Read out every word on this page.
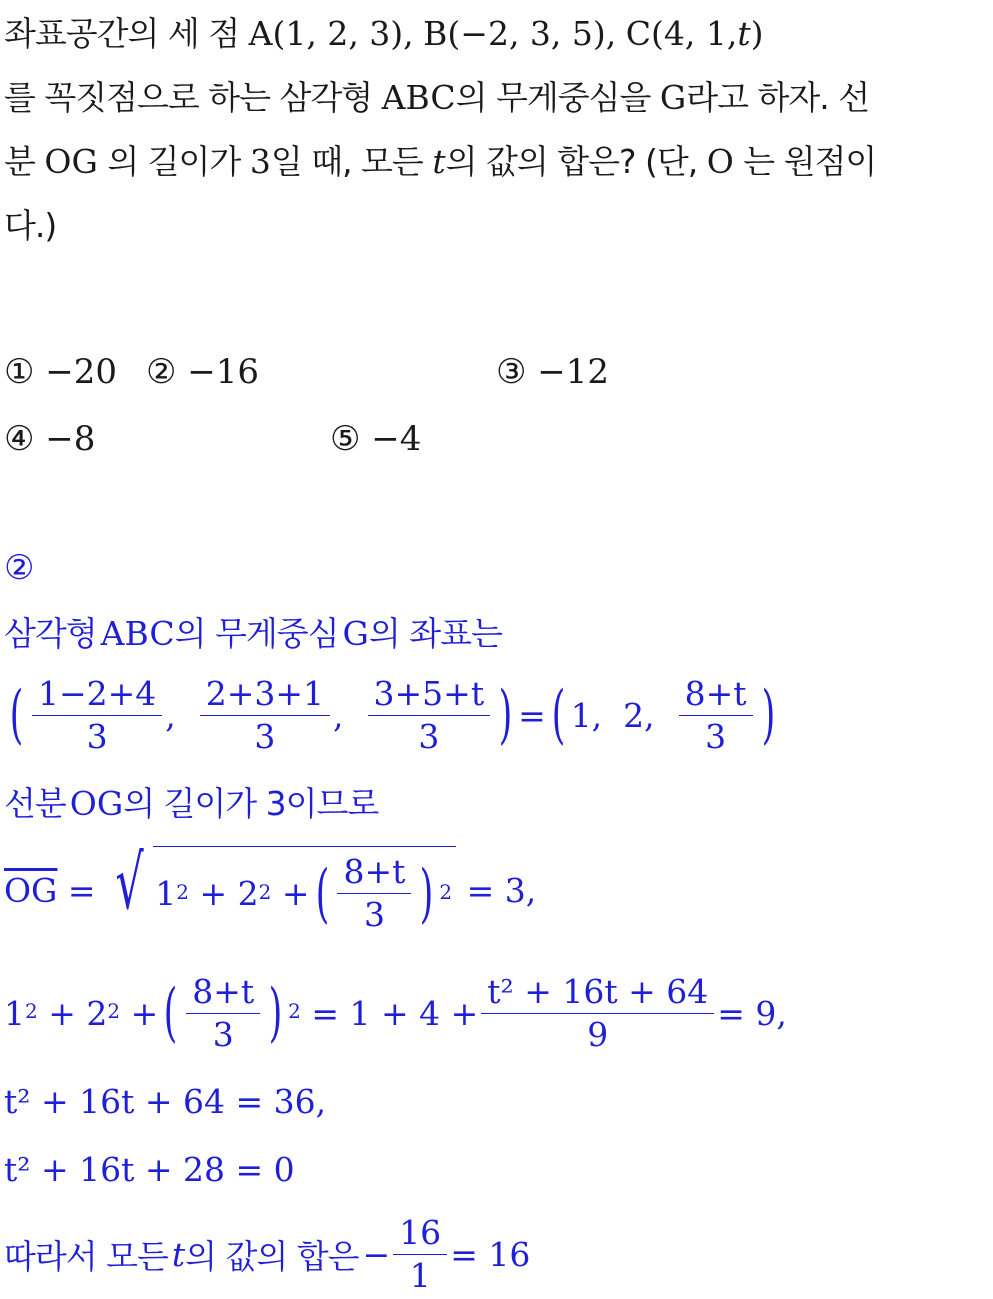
좌표공간의 세 점 A(1, 2, 3), B(−2, 3, 5), C(4, 1,t)
를 꼭짓점으로 하는 삼각형 ABC의 무게중심을 G라고 하자. 선
분 OG 의 길이가 3일 때, 모든 t의 값의 합은? (단, O 는 원점이
다.)
① −20 ② −16	③ −12
④ −8	⑤ −4
②
삼각형 ABC의 무게중심 G의 좌표는
( $\frac{1-2+4}{3}$ ,
$\frac{2+3+1}{3}$ ,
$\frac{3+5+t}{3}$ ) = ( 1,
2,
$\frac{8+t}{3}$ )
선분 OG의 길이가 3이므로
$\overline{OG}$
=
√ $1^2$
+
$2^2$
+ ( $\frac{8+t}{3}$ ) $^2$
= 3,
$1^2$
+
$2^2$
+ ( $\frac{8+t}{3}$ ) $^2$
= $1 + 4 + \frac{\text{t² + 16t + 64}}{9} = 9$,
t² + 16t + 64 = 36,
t² + 16t + 28 = 0
따라서 모든
t 의 값의 합은
− $\frac{16}{1} = 16$
